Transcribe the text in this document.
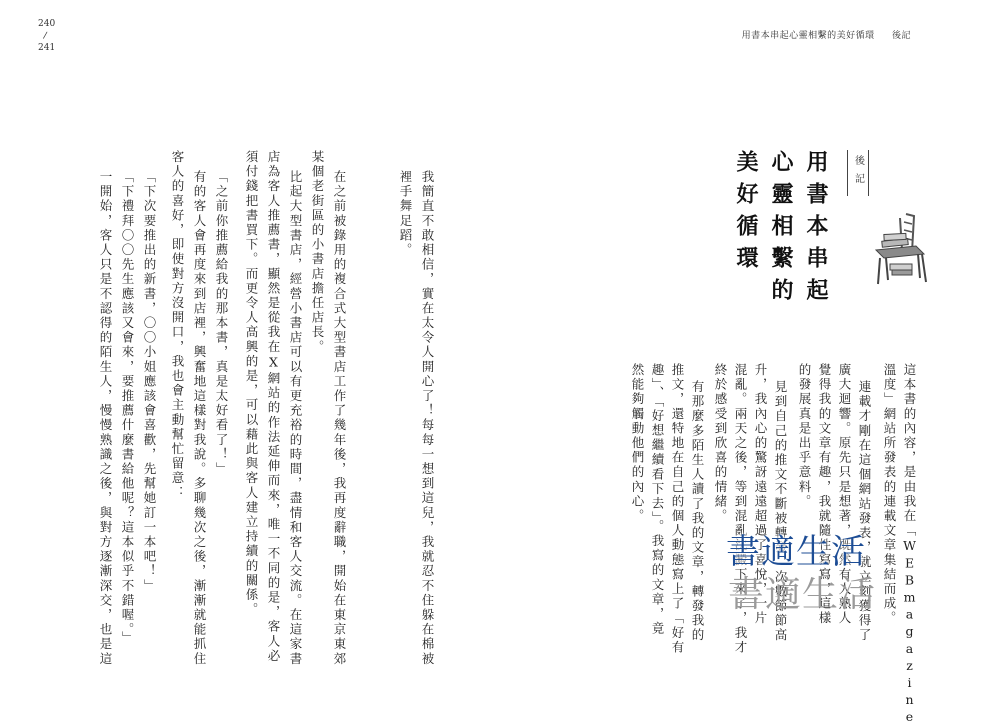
240
/
241
用書本串起心靈相繫的美好循環 後記
後記
用書本串起
心靈相繫的
美好循環
這本書的內容，是由我在「WEBmagazine
溫度」網站所發表的連載文章集結而成。
連載才剛在這個網站發表，就立刻獲得了
廣大迴響。原先只是想著，既然有人熟人
覺得我的文章有趣，我就隨性寫寫，這樣
的發展真是出乎意料。
見到自己的推文不斷被轉發，次數節節高
升，我內心的驚訝遠遠超過了喜悅，一片
混亂。兩天之後，等到混亂沈澱下來了，我才
終於感受到欣喜的情緒。
有那麼多陌生人讀了我的文章，轉發我的
推文，還特地在自己的個人動態寫上了「好有
趣」、「好想繼續看下去」。我寫的文章，竟
然能夠觸動他們的內心。
我簡直不敢相信，實在太令人開心了！每每一想到這兒，我就忍不住躲在棉被
裡手舞足蹈。
在之前被錄用的複合式大型書店工作了幾年後，我再度辭職，開始在東京東郊
某個老街區的小書店擔任店長。
比起大型書店，經營小書店可以有更充裕的時間，盡情和客人交流。在這家書
店為客人推薦書，顯然是從我在X網站的作法延伸而來，唯一不同的是，客人必
須付錢把書買下。而更令人高興的是，可以藉此與客人建立持續的關係。
「之前你推薦給我的那本書，真是太好看了！」
有的客人會再度來到店裡，興奮地這樣對我說。多聊幾次之後，漸漸就能抓住
客人的喜好，即使對方沒開口，我也會主動幫忙留意：
「下次要推出的新書，〇〇小姐應該會喜歡，先幫她訂一本吧！」
「下禮拜〇〇先生應該又會來，要推薦什麼書給他呢？這本似乎不錯喔。」
一開始，客人只是不認得的陌生人，慢慢熟識之後，與對方逐漸深交，也是這	書適生活
書適生活
